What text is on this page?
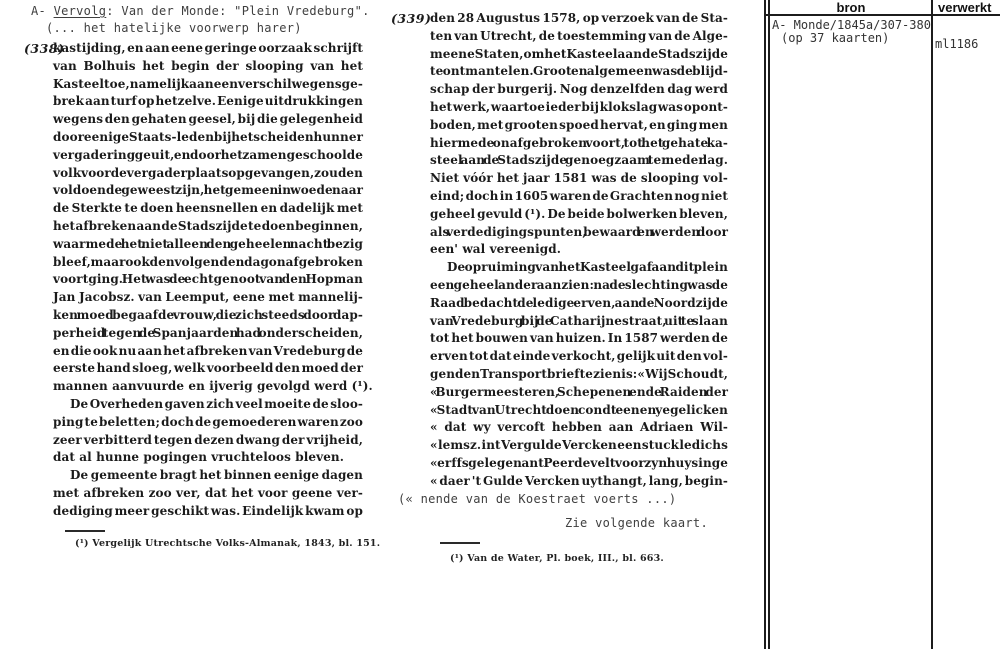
A- Vervolg: Van der Monde: "Plein Vredeburg".
(... het hatelijke voorwerp harer)
(338)
kastijding, en aan eene geringe oorzaak schrijft
van Bolhuis het begin der slooping van het
Kasteel toe, namelijk aan een verschil wegens ge-
brek aan turf op hetzelve. Eenige uitdrukkingen
wegens den gehaten geesel, bij die gelegenheid
door eenige Staats-leden bij het scheiden hunner
vergadering geuit, en door het zamengeschoolde
volk voor de vergaderplaats opgevangen, zouden
voldoende geweest zijn, het gemeen in woede naar
de Sterkte te doen heensnellen en dadelijk met
het afbreken aan de Stadszijde te doen beginnen,
waarmede het niet alleen den geheelen nacht bezig
bleef, maar ook den volgenden dag onafgebroken
voortging. Het was de echtgenoot van den Hopman
Jan Jacobsz. van Leemput, eene met mannelij-
ken moed begaafde vrouw, die zich steeds door dap-
perheid tegen de Spanjaarden had onderscheiden,
en die ook nu aan het afbreken van Vredeburg de
eerste hand sloeg, welk voorbeeld den moed der
mannen aanvuurde en ijverig gevolgd werd (¹).
De Overheden gaven zich veel moeite de sloo-
ping te beletten; doch de gemoederen waren zoo
zeer verbitterd tegen dezen dwang der vrijheid,
dat al hunne pogingen vruchteloos bleven.
De gemeente bragt het binnen eenige dagen
met afbreken zoo ver, dat het voor geene ver-
dediging meer geschikt was. Eindelijk kwam op
(¹) Vergelijk Utrechtsche Volks-Almanak, 1843, bl. 151.
(339)
den 28 Augustus 1578, op verzoek van de Sta-
ten van Utrecht, de toestemming van de Alge-
meene Staten, om het Kasteel aan de Stadszijde
te ontmantelen. Groot en algemeen was de blijd-
schap der burgerij. Nog denzelfden dag werd
het werk, waartoe ieder bij klokslag was opont-
boden, met grooten spoed hervat, en ging men
hiermede onafgebroken voort, tot het gehate ka-
steel aan de Stadszijde genoegzaam ter neder lag.
Niet vóór het jaar 1581 was de slooping vol-
eind; doch in 1605 waren de Grachten nog niet
geheel gevuld (¹). De beide bolwerken bleven,
als verdedigingspunten, bewaard en werden door
een' wal vereenigd.
De opruiming van het Kasteel gaf aan dit plein
een geheel ander aanzien: na de slechting was de
Raad bedacht de ledige erven, aan de Noordzijde
van Vredeburg bij de Catharijnestraat, uit te slaan
tot het bouwen van huizen. In 1587 werden de
erven tot dat einde verkocht, gelijk uit den vol-
genden Transportbrief te zien is: « Wij Schoudt,
« Burgermeesteren, Schepenen ende Raiden der
« Stadt van Utrecht doen condt eenen yegelicken
« dat wy vercoft hebben aan Adriaen Wil-
« lemsz. int Vergulde Vercken een stuck ledichs
« erffs gelegen ant Peerdevelt voor zyn huysinge
« daer 't Gulde Vercken uythangt, lang, begin-
(« nende van de Koestraet voerts ...)
Zie volgende kaart.
(¹) Van de Water, Pl. boek, III., bl. 663.
bron	verwerkt
A- Monde/1845a/307-380
(op 37 kaarten)	ml1186
